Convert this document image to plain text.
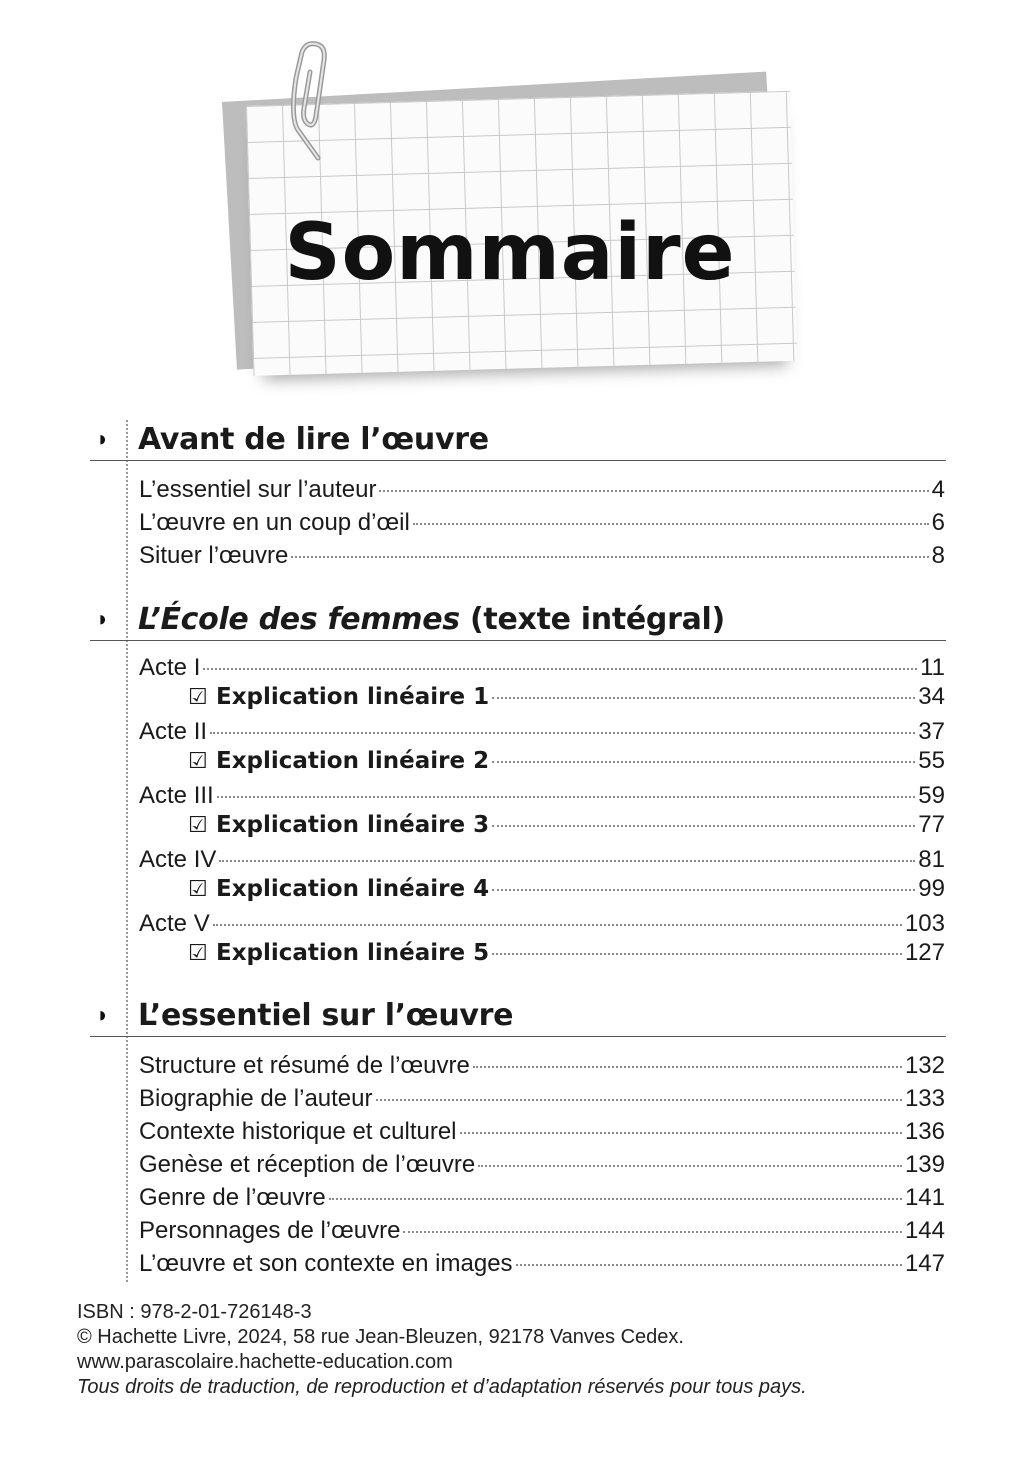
Sommaire
◗ Avant de lire l’œuvre
L’essentiel sur l’auteur	4
L’œuvre en un coup d’œil	6
Situer l’œuvre	8
◗ L’École des femmes (texte intégral)
Acte I	11
☑ Explication linéaire 1	34
Acte II	37
☑ Explication linéaire 2	55
Acte III	59
☑ Explication linéaire 3	77
Acte IV	81
☑ Explication linéaire 4	99
Acte V	103
☑ Explication linéaire 5	127
◗ L’essentiel sur l’œuvre
Structure et résumé de l’œuvre	132
Biographie de l’auteur	133
Contexte historique et culturel	136
Genèse et réception de l’œuvre	139
Genre de l’œuvre	141
Personnages de l’œuvre	144
L’œuvre et son contexte en images	147
ISBN : 978-2-01-726148-3
© Hachette Livre, 2024, 58 rue Jean-Bleuzen, 92178 Vanves Cedex.
www.parascolaire.hachette-education.com
Tous droits de traduction, de reproduction et d’adaptation réservés pour tous pays.
